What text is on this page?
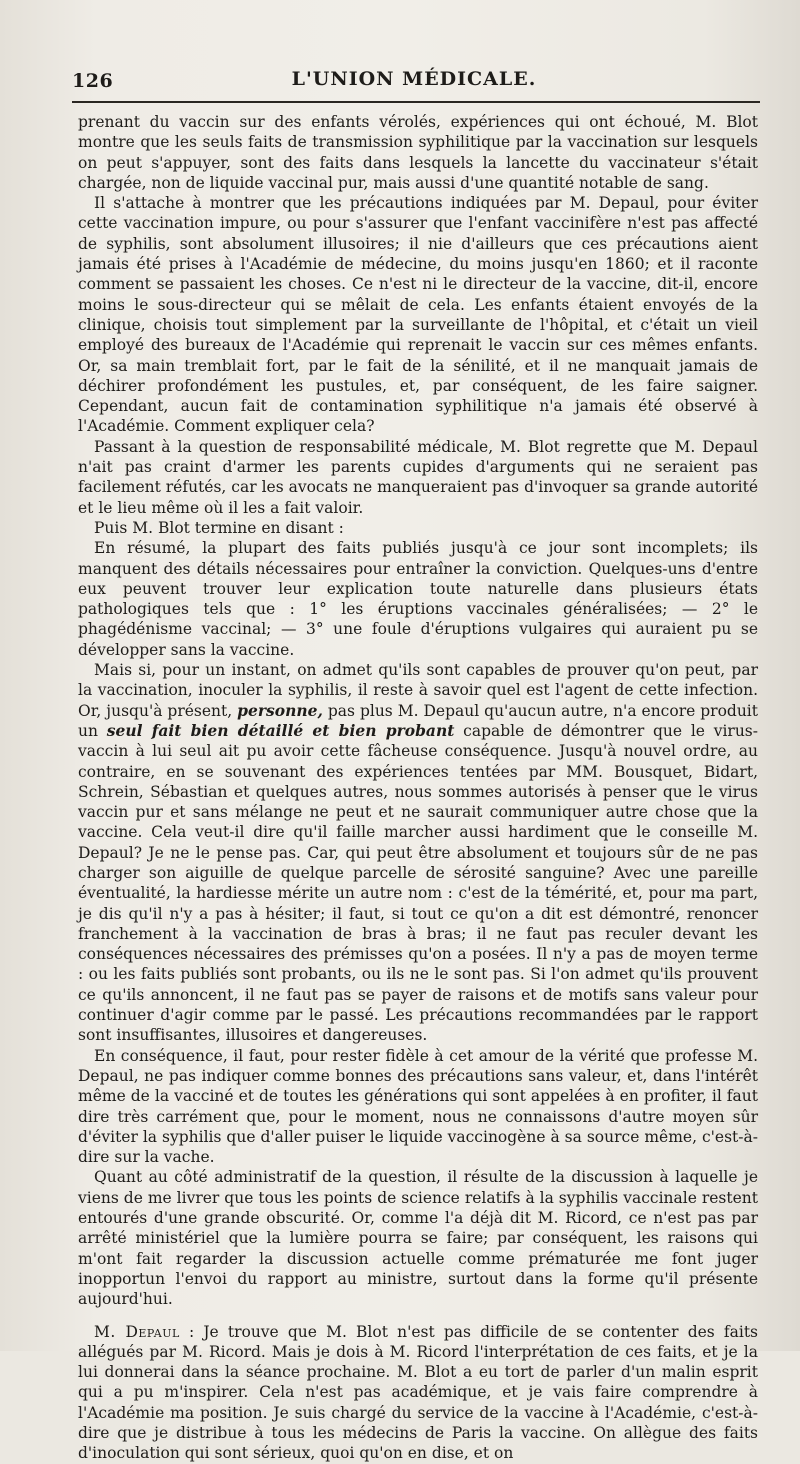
126	L'UNION MÉDICALE.

prenant du vaccin sur des enfants vérolés, expériences qui ont échoué, M. Blot montre que les seuls faits de transmission syphilitique par la vaccination sur lesquels on peut s'appuyer, sont des faits dans lesquels la lancette du vaccinateur s'était chargée, non de liquide vaccinal pur, mais aussi d'une quantité notable de sang.

Il s'attache à montrer que les précautions indiquées par M. Depaul, pour éviter cette vaccination impure, ou pour s'assurer que l'enfant vaccinifère n'est pas affecté de syphilis, sont absolument illusoires; il nie d'ailleurs que ces précautions aient jamais été prises à l'Académie de médecine, du moins jusqu'en 1860; et il raconte comment se passaient les choses. Ce n'est ni le directeur de la vaccine, dit-il, encore moins le sous-directeur qui se mêlait de cela. Les enfants étaient envoyés de la clinique, choisis tout simplement par la surveillante de l'hôpital, et c'était un vieil employé des bureaux de l'Académie qui reprenait le vaccin sur ces mêmes enfants. Or, sa main tremblait fort, par le fait de la sénilité, et il ne manquait jamais de déchirer profondément les pustules, et, par conséquent, de les faire saigner. Cependant, aucun fait de contamination syphilitique n'a jamais été observé à l'Académie. Comment expliquer cela?

Passant à la question de responsabilité médicale, M. Blot regrette que M. Depaul n'ait pas craint d'armer les parents cupides d'arguments qui ne seraient pas facilement réfutés, car les avocats ne manqueraient pas d'invoquer sa grande autorité et le lieu même où il les a fait valoir.

Puis M. Blot termine en disant :

En résumé, la plupart des faits publiés jusqu'à ce jour sont incomplets; ils manquent des détails nécessaires pour entraîner la conviction. Quelques-uns d'entre eux peuvent trouver leur explication toute naturelle dans plusieurs états pathologiques tels que : 1° les éruptions vaccinales généralisées; — 2° le phagédénisme vaccinal; — 3° une foule d'éruptions vulgaires qui auraient pu se développer sans la vaccine.

Mais si, pour un instant, on admet qu'ils sont capables de prouver qu'on peut, par la vaccination, inoculer la syphilis, il reste à savoir quel est l'agent de cette infection. Or, jusqu'à présent, personne, pas plus M. Depaul qu'aucun autre, n'a encore produit un seul fait bien détaillé et bien probant capable de démontrer que le virus-vaccin à lui seul ait pu avoir cette fâcheuse conséquence. Jusqu'à nouvel ordre, au contraire, en se souvenant des expériences tentées par MM. Bousquet, Bidart, Schrein, Sébastian et quelques autres, nous sommes autorisés à penser que le virus vaccin pur et sans mélange ne peut et ne saurait communiquer autre chose que la vaccine. Cela veut-il dire qu'il faille marcher aussi hardiment que le conseille M. Depaul? Je ne le pense pas. Car, qui peut être absolument et toujours sûr de ne pas charger son aiguille de quelque parcelle de sérosité sanguine? Avec une pareille éventualité, la hardiesse mérite un autre nom : c'est de la témérité, et, pour ma part, je dis qu'il n'y a pas à hésiter; il faut, si tout ce qu'on a dit est démontré, renoncer franchement à la vaccination de bras à bras; il ne faut pas reculer devant les conséquences nécessaires des prémisses qu'on a posées. Il n'y a pas de moyen terme : ou les faits publiés sont probants, ou ils ne le sont pas. Si l'on admet qu'ils prouvent ce qu'ils annoncent, il ne faut pas se payer de raisons et de motifs sans valeur pour continuer d'agir comme par le passé. Les précautions recommandées par le rapport sont insuffisantes, illusoires et dangereuses.

En conséquence, il faut, pour rester fidèle à cet amour de la vérité que professe M. Depaul, ne pas indiquer comme bonnes des précautions sans valeur, et, dans l'intérêt même de la vacciné et de toutes les générations qui sont appelées à en profiter, il faut dire très carrément que, pour le moment, nous ne connaissons d'autre moyen sûr d'éviter la syphilis que d'aller puiser le liquide vaccinogène à sa source même, c'est-à-dire sur la vache.

Quant au côté administratif de la question, il résulte de la discussion à laquelle je viens de me livrer que tous les points de science relatifs à la syphilis vaccinale restent entourés d'une grande obscurité. Or, comme l'a déjà dit M. Ricord, ce n'est pas par arrêté ministériel que la lumière pourra se faire; par conséquent, les raisons qui m'ont fait regarder la discussion actuelle comme prématurée me font juger inopportun l'envoi du rapport au ministre, surtout dans la forme qu'il présente aujourd'hui.

M. Depaul : Je trouve que M. Blot n'est pas difficile de se contenter des faits allégués par M. Ricord. Mais je dois à M. Ricord l'interprétation de ces faits, et je la lui donnerai dans la séance prochaine. M. Blot a eu tort de parler d'un malin esprit qui a pu m'inspirer. Cela n'est pas académique, et je vais faire comprendre à l'Académie ma position. Je suis chargé du service de la vaccine à l'Académie, c'est-à-dire que je distribue à tous les médecins de Paris la vaccine. On allègue des faits d'inoculation qui sont sérieux, quoi qu'on en dise, et on
